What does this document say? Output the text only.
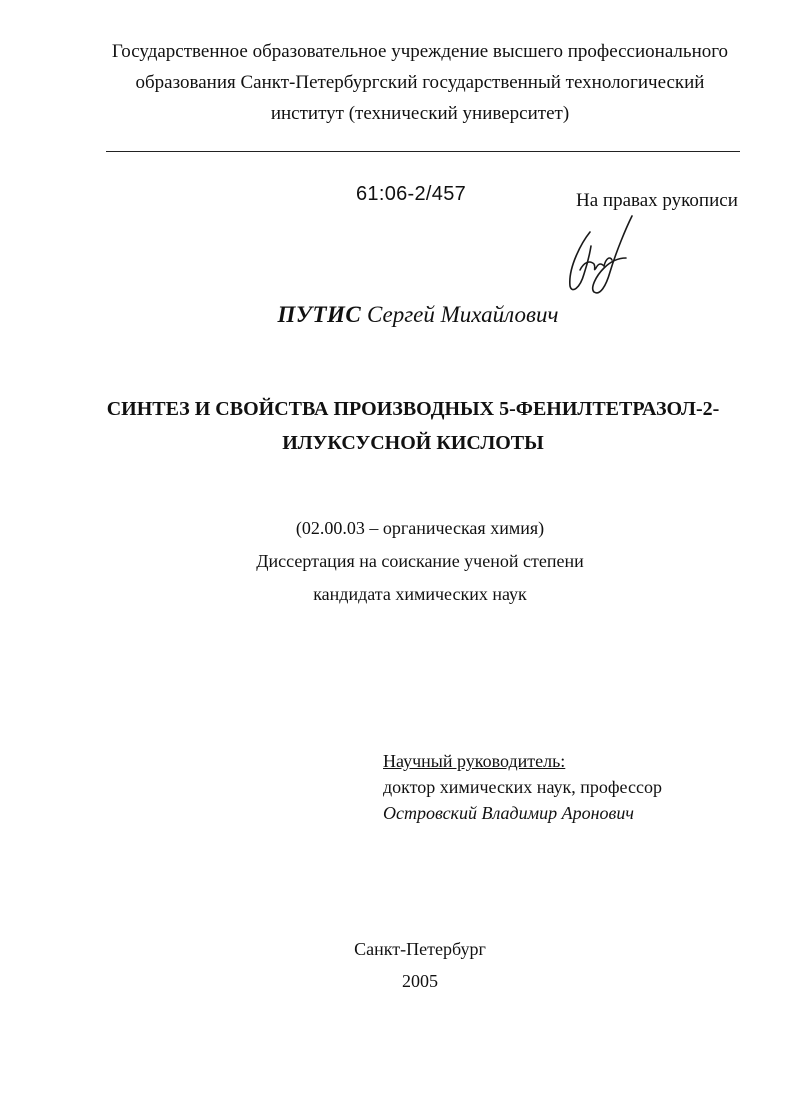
Государственное образовательное учреждение высшего профессионального
образования Санкт-Петербургский государственный технологический
институт (технический университет)
61:06-2/457	На правах рукописи
ПУТИС Сергей Михайлович
СИНТЕЗ И СВОЙСТВА ПРОИЗВОДНЫХ 5-ФЕНИЛТЕТРАЗОЛ-2-
ИЛУКСУСНОЙ КИСЛОТЫ
(02.00.03 – органическая химия)
Диссертация на соискание ученой степени
кандидата химических наук
Научный руководитель:
доктор химических наук, профессор
Островский Владимир Аронович
Санкт-Петербург
2005
